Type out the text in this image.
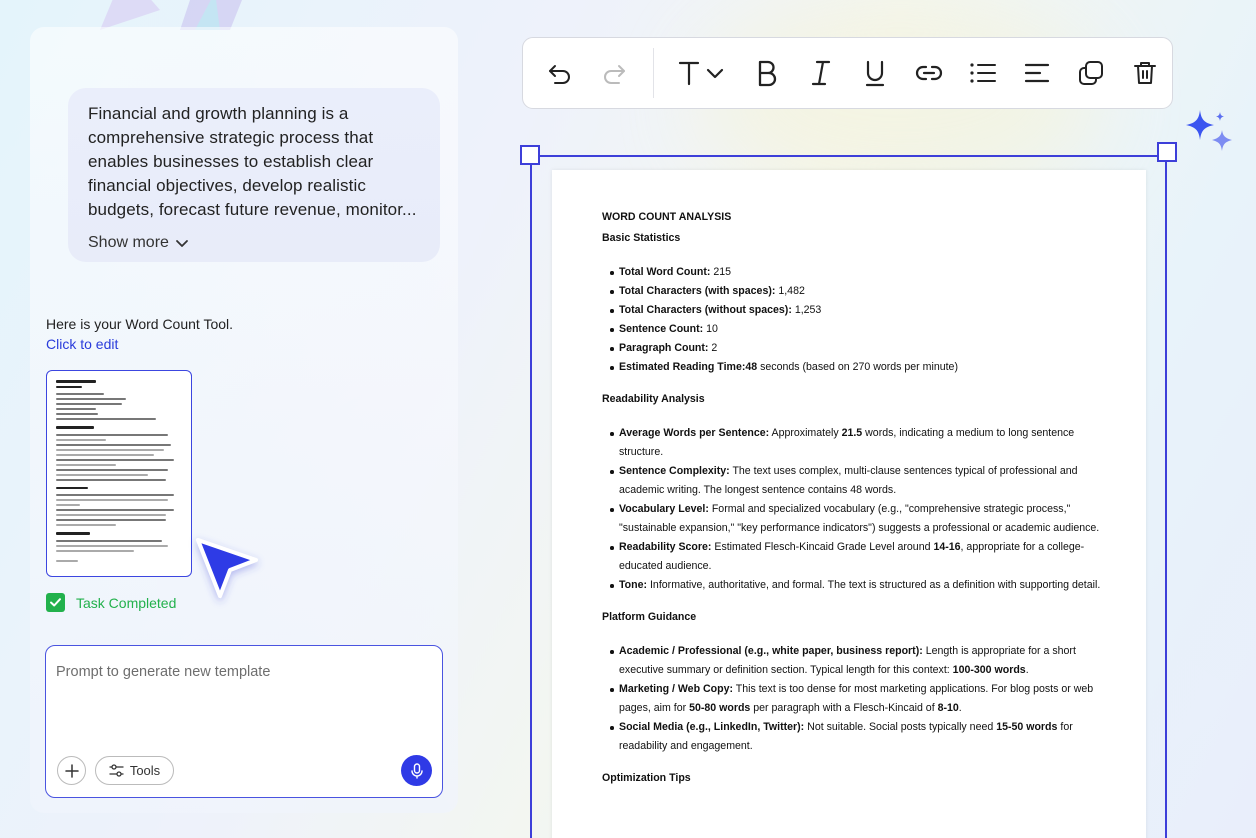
Financial and growth planning is a comprehensive strategic process that enables businesses to establish clear financial objectives, develop realistic budgets, forecast future revenue, monitor...
Show more
Here is your Word Count Tool.
Click to edit
Task Completed
Prompt to generate new template
Tools
WORD COUNT ANALYSIS
Basic Statistics
Total Word Count: 215
Total Characters (with spaces): 1,482
Total Characters (without spaces): 1,253
Sentence Count: 10
Paragraph Count: 2
Estimated Reading Time:48 seconds (based on 270 words per minute)
Readability Analysis
Average Words per Sentence: Approximately 21.5 words, indicating a medium to long sentence structure.
Sentence Complexity: The text uses complex, multi-clause sentences typical of professional and academic writing. The longest sentence contains 48 words.
Vocabulary Level: Formal and specialized vocabulary (e.g., "comprehensive strategic process," "sustainable expansion," "key performance indicators") suggests a professional or academic audience.
Readability Score: Estimated Flesch-Kincaid Grade Level around 14-16, appropriate for a college-educated audience.
Tone: Informative, authoritative, and formal. The text is structured as a definition with supporting detail.
Platform Guidance
Academic / Professional (e.g., white paper, business report): Length is appropriate for a short executive summary or definition section. Typical length for this context: 100-300 words.
Marketing / Web Copy: This text is too dense for most marketing applications. For blog posts or web pages, aim for 50-80 words per paragraph with a Flesch-Kincaid of 8-10.
Social Media (e.g., LinkedIn, Twitter): Not suitable. Social posts typically need 15-50 words for readability and engagement.
Optimization Tips
